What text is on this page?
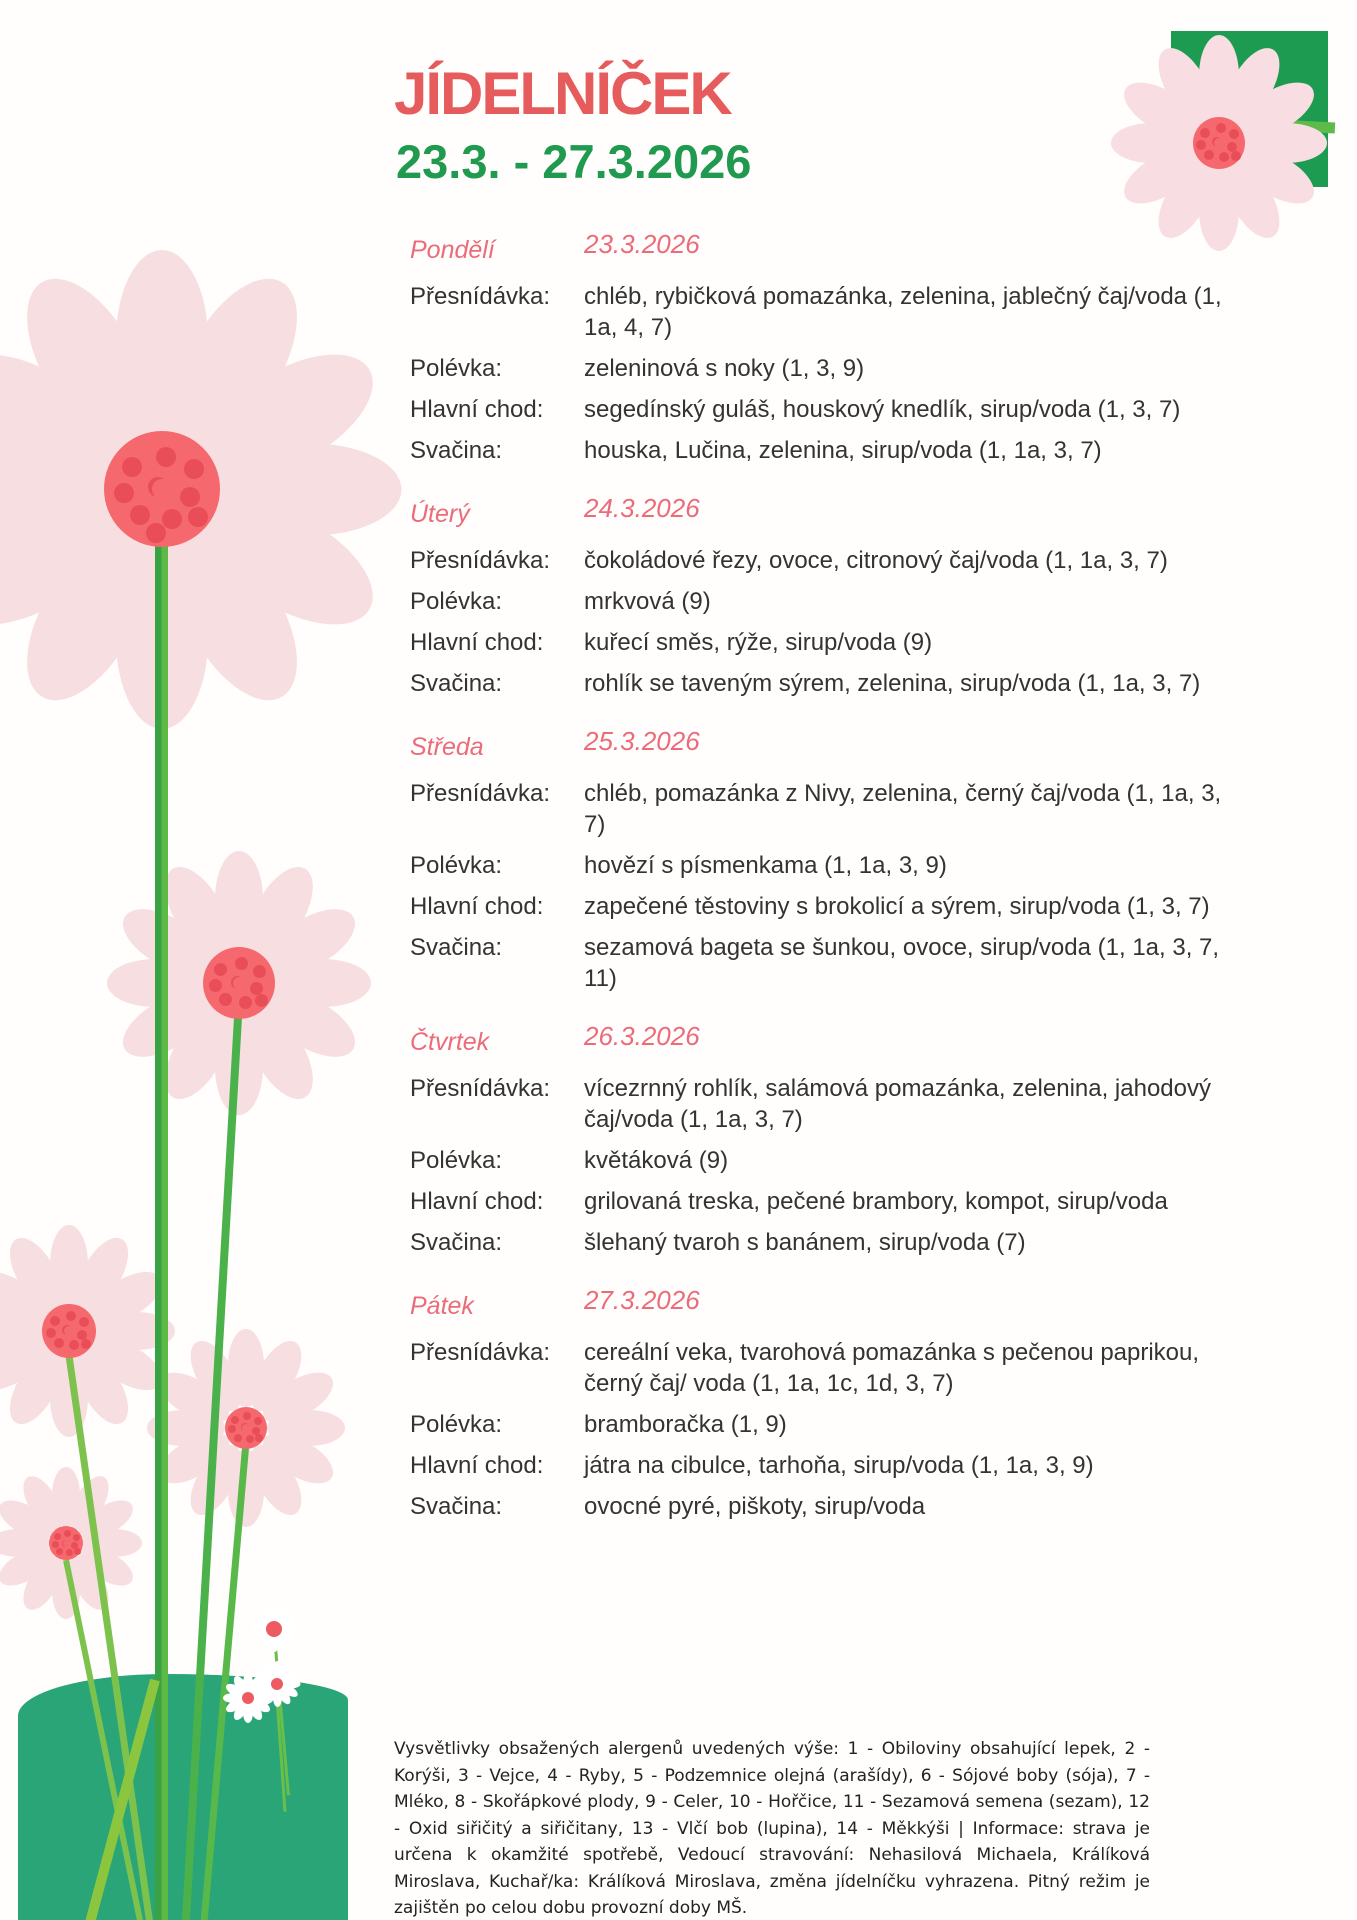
JÍDELNÍČEK
23.3. - 27.3.2026
Pondělí	23.3.2026
Přesnídávka:	chléb, rybičková pomazánka, zelenina, jablečný čaj/voda (1, 1a, 4, 7)
Polévka:	zeleninová s noky (1, 3, 9)
Hlavní chod:	segedínský guláš, houskový knedlík, sirup/voda (1, 3, 7)
Svačina:	houska, Lučina, zelenina, sirup/voda (1, 1a, 3, 7)
Úterý	24.3.2026
Přesnídávka:	čokoládové řezy, ovoce, citronový čaj/voda (1, 1a, 3, 7)
Polévka:	mrkvová (9)
Hlavní chod:	kuřecí směs, rýže, sirup/voda (9)
Svačina:	rohlík se taveným sýrem, zelenina, sirup/voda (1, 1a, 3, 7)
Středa	25.3.2026
Přesnídávka:	chléb, pomazánka z Nivy, zelenina, černý čaj/voda (1, 1a, 3, 7)
Polévka:	hovězí s písmenkama (1, 1a, 3, 9)
Hlavní chod:	zapečené těstoviny s brokolicí a sýrem, sirup/voda (1, 3, 7)
Svačina:	sezamová bageta se šunkou, ovoce, sirup/voda (1, 1a, 3, 7, 11)
Čtvrtek	26.3.2026
Přesnídávka:	vícezrnný rohlík, salámová pomazánka, zelenina, jahodový čaj/voda (1, 1a, 3, 7)
Polévka:	květáková (9)
Hlavní chod:	grilovaná treska, pečené brambory, kompot, sirup/voda
Svačina:	šlehaný tvaroh s banánem, sirup/voda (7)
Pátek	27.3.2026
Přesnídávka:	cereální veka, tvarohová pomazánka s pečenou paprikou, černý čaj/ voda (1, 1a, 1c, 1d, 3, 7)
Polévka:	bramboračka (1, 9)
Hlavní chod:	játra na cibulce, tarhoňa, sirup/voda (1, 1a, 3, 9)
Svačina:	ovocné pyré, piškoty, sirup/voda
Vysvětlivky obsažených alergenů uvedených výše: 1 - Obiloviny obsahující lepek, 2 - Korýši, 3 - Vejce, 4 - Ryby, 5 - Podzemnice olejná (arašídy), 6 - Sójové boby (sója), 7 - Mléko, 8 - Skořápkové plody, 9 - Celer, 10 - Hořčice, 11 - Sezamová semena (sezam), 12 - Oxid siřičitý a siřičitany, 13 - Vlčí bob (lupina), 14 - Měkkýši | Informace: strava je určena k okamžité spotřebě, Vedoucí stravování: Nehasilová Michaela, Králíková Miroslava, Kuchař/ka: Králíková Miroslava, změna jídelníčku vyhrazena. Pitný režim je zajištěn po celou dobu provozní doby MŠ.
